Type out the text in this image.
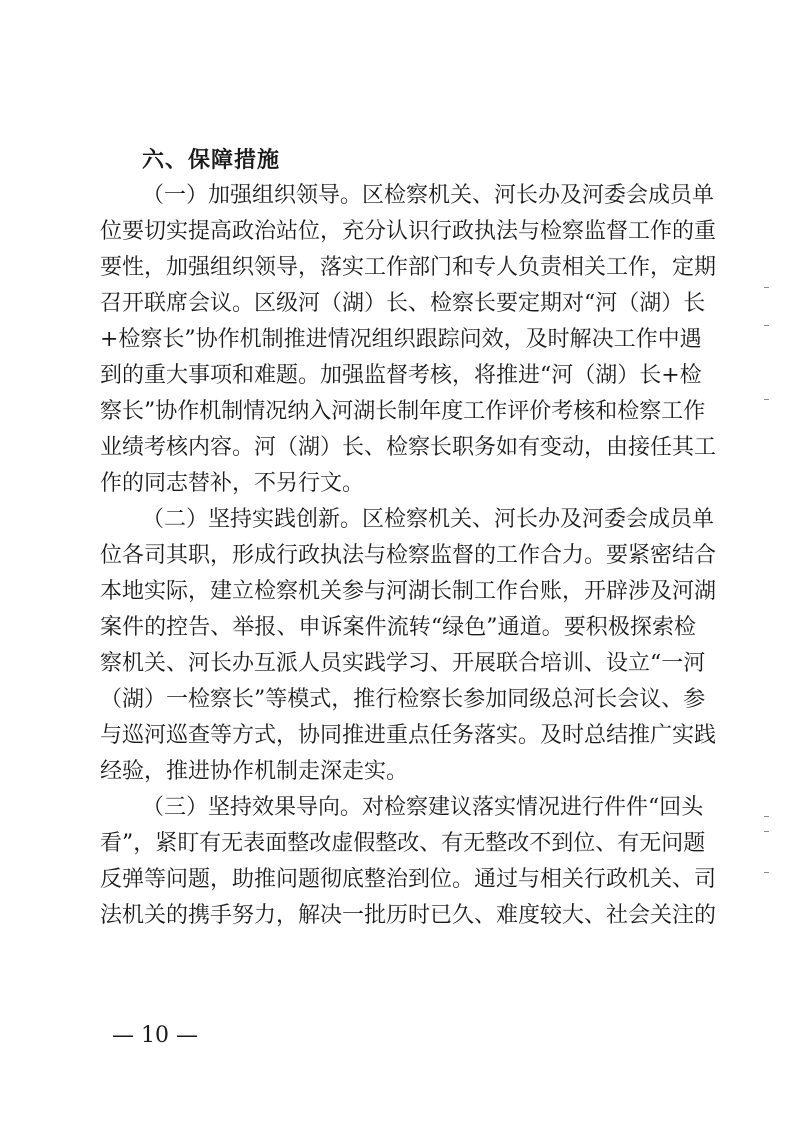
六、保障措施
（一）加强组织领导。区检察机关、河长办及河委会成员单
位要切实提高政治站位，充分认识行政执法与检察监督工作的重
要性，加强组织领导，落实工作部门和专人负责相关工作，定期
召开联席会议。区级河（湖）长、检察长要定期对“河（湖）长
+检察长”协作机制推进情况组织跟踪问效，及时解决工作中遇
到的重大事项和难题。加强监督考核，将推进“河（湖）长+检
察长”协作机制情况纳入河湖长制年度工作评价考核和检察工作
业绩考核内容。河（湖）长、检察长职务如有变动，由接任其工
作的同志替补，不另行文。
（二）坚持实践创新。区检察机关、河长办及河委会成员单
位各司其职，形成行政执法与检察监督的工作合力。要紧密结合
本地实际，建立检察机关参与河湖长制工作台账，开辟涉及河湖
案件的控告、举报、申诉案件流转“绿色”通道。要积极探索检
察机关、河长办互派人员实践学习、开展联合培训、设立“一河
（湖）一检察长”等模式，推行检察长参加同级总河长会议、参
与巡河巡查等方式，协同推进重点任务落实。及时总结推广实践
经验，推进协作机制走深走实。
（三）坚持效果导向。对检察建议落实情况进行件件“回头
看”，紧盯有无表面整改虚假整改、有无整改不到位、有无问题
反弹等问题，助推问题彻底整治到位。通过与相关行政机关、司
法机关的携手努力，解决一批历时已久、难度较大、社会关注的
— 10 —
